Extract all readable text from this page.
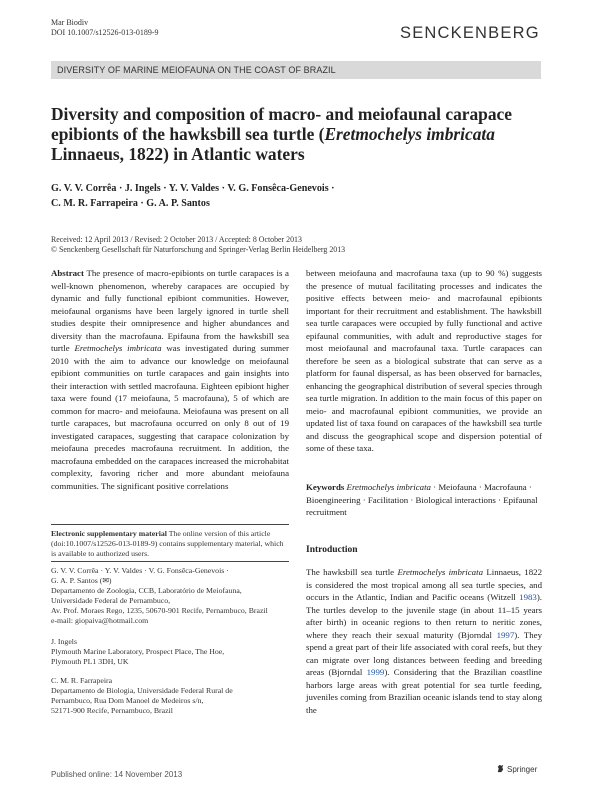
Mar Biodiv
DOI 10.1007/s12526-013-0189-9	SENCKENBERG
DIVERSITY OF MARINE MEIOFAUNA ON THE COAST OF BRAZIL
Diversity and composition of macro- and meiofaunal carapace epibionts of the hawksbill sea turtle (Eretmochelys imbricata Linnaeus, 1822) in Atlantic waters
G. V. V. Corrêa · J. Ingels · Y. V. Valdes · V. G. Fonsêca-Genevois ·
C. M. R. Farrapeira · G. A. P. Santos
Received: 12 April 2013 / Revised: 2 October 2013 / Accepted: 8 October 2013
© Senckenberg Gesellschaft für Naturforschung and Springer-Verlag Berlin Heidelberg 2013

Abstract The presence of macro-epibionts on turtle carapaces is a well-known phenomenon, whereby carapaces are occupied by dynamic and fully functional epibiont communities. However, meiofaunal organisms have been largely ignored in turtle shell studies despite their omnipresence and higher abundances and diversity than the macrofauna. Epifauna from the hawksbill sea turtle Eretmochelys imbricata was investigated during summer 2010 with the aim to advance our knowledge on meiofaunal epibiont communities on turtle carapaces and gain insights into their interaction with settled macrofauna. Eighteen epibiont higher taxa were found (17 meiofauna, 5 macrofauna), 5 of which are common for macro- and meiofauna. Meiofauna was present on all turtle carapaces, but macrofauna occurred on only 8 out of 19 investigated carapaces, suggesting that carapace colonization by meiofauna precedes macrofauna recruitment. In addition, the macrofauna embedded on the carapaces increased the microhabitat complexity, favoring richer and more abundant meiofauna communities. The significant positive correlations

between meiofauna and macrofauna taxa (up to 90 %) suggests the presence of mutual facilitating processes and indicates the positive effects between meio- and macrofaunal epibionts important for their recruitment and establishment. The hawksbill sea turtle carapaces were occupied by fully functional and active epifaunal communities, with adult and reproductive stages for most meiofaunal and macrofaunal taxa. Turtle carapaces can therefore be seen as a biological substrate that can serve as a platform for faunal dispersal, as has been observed for barnacles, enhancing the geographical distribution of several species through sea turtle migration. In addition to the main focus of this paper on meio- and macrofaunal epibiont communities, we provide an updated list of taxa found on carapaces of the hawksbill sea turtle and discuss the geographical scope and dispersion potential of some of these taxa.

Keywords Eretmochelys imbricata · Meiofauna · Macrofauna · Bioengineering · Facilitation · Biological interactions · Epifaunal recruitment
Electronic supplementary material The online version of this article (doi:10.1007/s12526-013-0189-9) contains supplementary material, which is available to authorized users.

G. V. V. Corrêa · Y. V. Valdes · V. G. Fonsêca-Genevois ·

G. A. P. Santos (✉)

Departamento de Zoologia, CCB, Laboratório de Meiofauna,

Universidade Federal de Pernambuco,

Av. Prof. Moraes Rego, 1235, 50670-901 Recife, Pernambuco, Brazil

e-mail: giopaiva@hotmail.com

J. Ingels

Plymouth Marine Laboratory, Prospect Place, The Hoe,

Plymouth PL1 3DH, UK

C. M. R. Farrapeira

Departamento de Biologia, Universidade Federal Rural de

Pernambuco, Rua Dom Manoel de Medeiros s/n,

52171-900 Recife, Pernambuco, Brazil

Introduction
The hawksbill sea turtle Eretmochelys imbricata Linnaeus, 1822 is considered the most tropical among all sea turtle species, and occurs in the Atlantic, Indian and Pacific oceans (Witzell 1983). The turtles develop to the juvenile stage (in about 11–15 years after birth) in oceanic regions to then return to neritic zones, where they reach their sexual maturity (Bjorndal 1997). They spend a great part of their life associated with coral reefs, but they can migrate over long distances between feeding and breeding areas (Bjorndal 1999). Considering that the Brazilian coastline harbors large areas with great potential for sea turtle feeding, juveniles coming from Brazilian oceanic islands tend to stay along the
Published online: 14 November 2013
Springer
